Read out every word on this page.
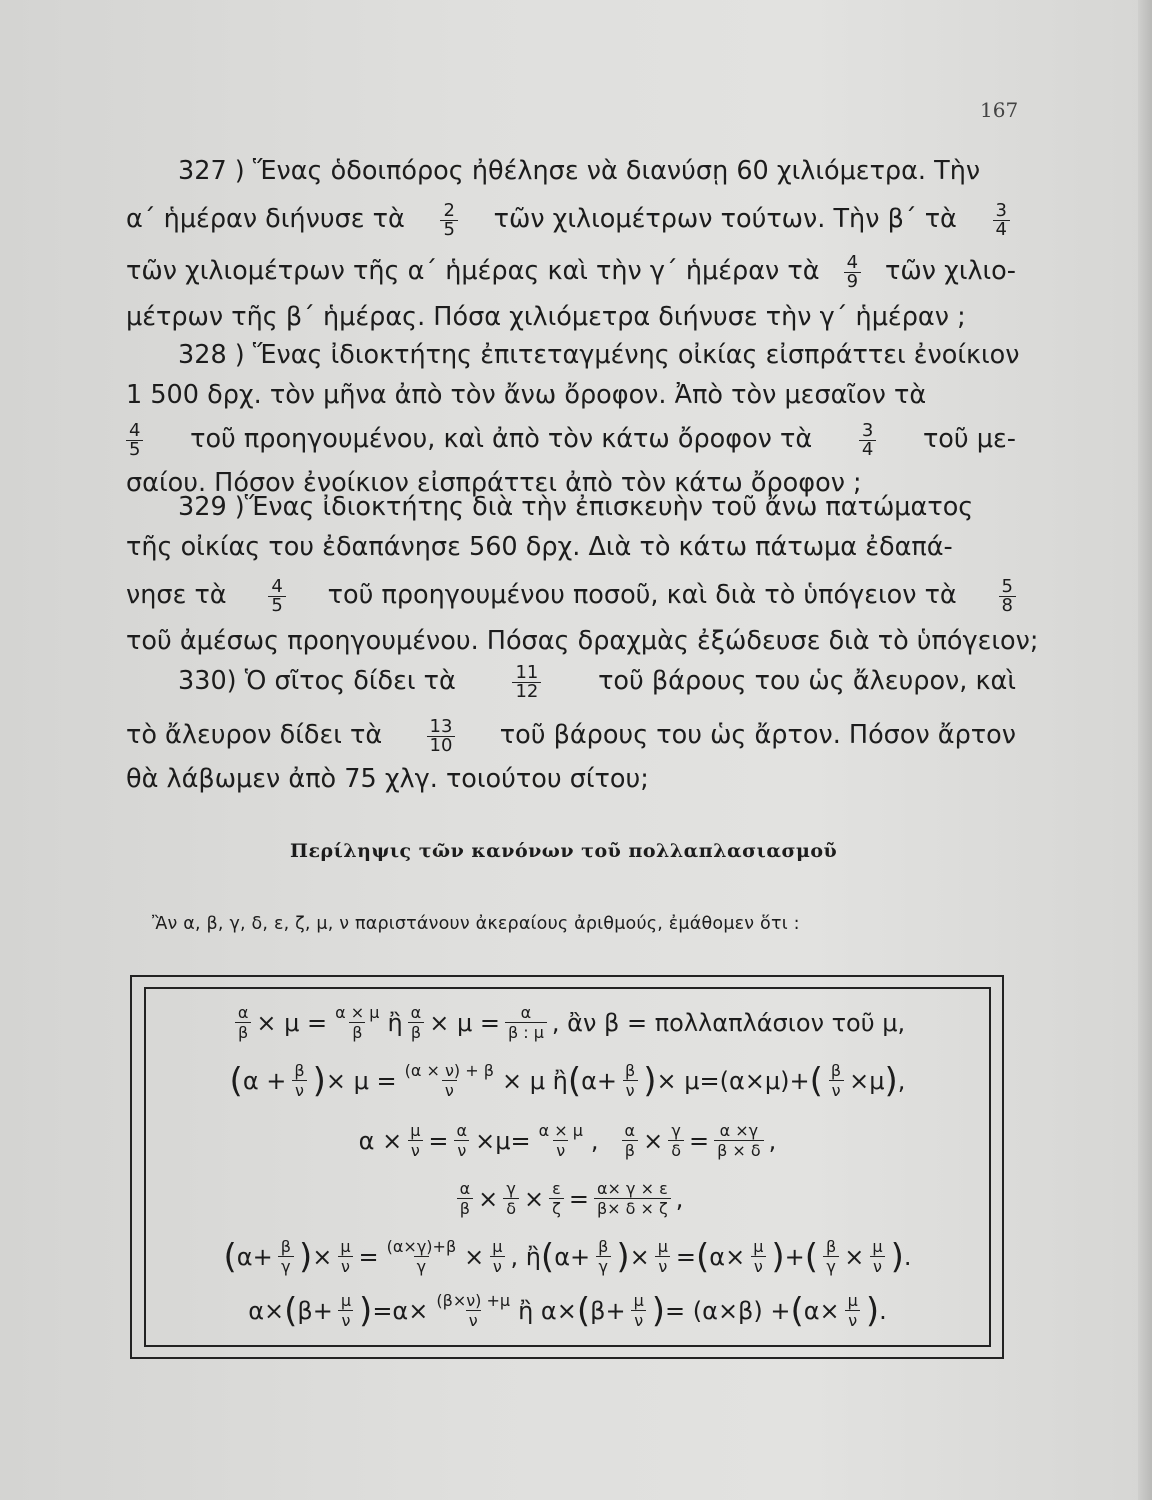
167
327 ) Ἕνας ὁδοιπόρος ἠθέλησε νὰ διανύσῃ 60 χιλιόμετρα. Τὴν
α΄ ἡμέραν διήνυσε τὰ $\frac{2}{5}$ τῶν χιλιομέτρων τούτων. Τὴν β΄ τὰ $\frac{3}{4}$
τῶν χιλιομέτρων τῆς α΄ ἡμέρας καὶ τὴν γ΄ ἡμέραν τὰ $\frac{4}{9}$ τῶν χιλιο-
μέτρων τῆς β΄ ἡμέρας. Πόσα χιλιόμετρα διήνυσε τὴν γ΄ ἡμέραν ;
328 ) Ἕνας ἰδιοκτήτης ἐπιτεταγμένης οἰκίας εἰσπράττει ἐνοίκιον
1 500 δρχ. τὸν μῆνα ἀπὸ τὸν ἄνω ὄροφον. Ἀπὸ τὸν μεσαῖον τὰ
$\frac{4}{5}$ τοῦ προηγουμένου, καὶ ἀπὸ τὸν κάτω ὄροφον τὰ	$\frac{3}{4}$ τοῦ με-
σαίου. Πόσον ἐνοίκιον εἰσπράττει ἀπὸ τὸν κάτω ὄροφον ;
329 )Ἕνας ἰδιοκτήτης διὰ τὴν ἐπισκευὴν τοῦ ἄνω πατώματος
τῆς οἰκίας του ἐδαπάνησε 560 δρχ. Διὰ τὸ κάτω πάτωμα ἐδαπά-
νησε τὰ $\frac{4}{5}$ τοῦ προηγουμένου ποσοῦ, καὶ διὰ τὸ ὑπόγειον τὰ $\frac{5}{8}$
τοῦ ἀμέσως προηγουμένου. Πόσας δραχμὰς ἐξώδευσε διὰ τὸ ὑπόγειον;
330) Ὁ σῖτος δίδει τὰ	$\frac{11}{12}$ τοῦ βάρους του ὡς ἄλευρον, καὶ
τὸ ἄλευρον δίδει τὰ $\frac{13}{10}$ τοῦ βάρους του ὡς ἄρτον. Πόσον ἄρτον
θὰ λάβωμεν ἀπὸ 75 χλγ. τοιούτου σίτου;
Περίληψις τῶν κανόνων τοῦ πολλαπλασιασμοῦ
Ἂν α, β, γ, δ, ε, ζ, μ, ν παριστάνουν ἀκεραίους ἀριθμούς, ἐμάθομεν ὅτι :
$\frac{\alpha}{\beta} \times \mu = \frac{\alpha \times \mu}{\beta}$ ἢ $\frac{\alpha}{\beta} \times \mu = \frac{\alpha}{\beta : \mu}$ , ἂν β = πολλαπλάσιον τοῦ μ,
( $\alpha + \frac{\beta}{\nu}$ ) × $\mu = \frac{(\alpha \times \nu) + \beta}{\nu} \times \mu$ ἢ ( $\alpha+ \frac{\beta}{\nu}$ ) × μ=(α×μ)+ ( $\frac{\beta}{\nu} \times\mu$ ) ,
$\alpha \times \frac{\mu}{\nu} = \frac{\alpha}{\nu} \times\mu= \frac{\alpha \times \mu}{\nu}$ , $\frac{\alpha}{\beta} \times \frac{\gamma}{\delta} = \frac{\alpha \times\gamma}{\beta \times \delta}$ ,
$\frac{\alpha}{\beta} \times \frac{\gamma}{\delta} \times \frac{\varepsilon}{\zeta} = \frac{\alpha\times \gamma \times \varepsilon}{\beta\times \delta \times \zeta}$ ,
( $\alpha+ \frac{\beta}{\gamma}$ ) × $\frac{\mu}{\nu} = \frac{(\alpha\times\gamma)+\beta}{\gamma} \times \frac{\mu}{\nu}$ , ἢ ( $\alpha+ \frac{\beta}{\gamma}$ ) × $\frac{\mu}{\nu}$ = ( $\alpha\times \frac{\mu}{\nu}$ ) + ( $\frac{\beta}{\gamma} \times \frac{\mu}{\nu}$ ) .
α× ( $\beta+ \frac{\mu}{\nu}$ ) $=\alpha\times \frac{(\beta\times\nu) +\mu}{\nu}$ ἢ α× ( $\beta+ \frac{\mu}{\nu}$ ) = (α×β) + ( $\alpha\times \frac{\mu}{\nu}$ ) .
